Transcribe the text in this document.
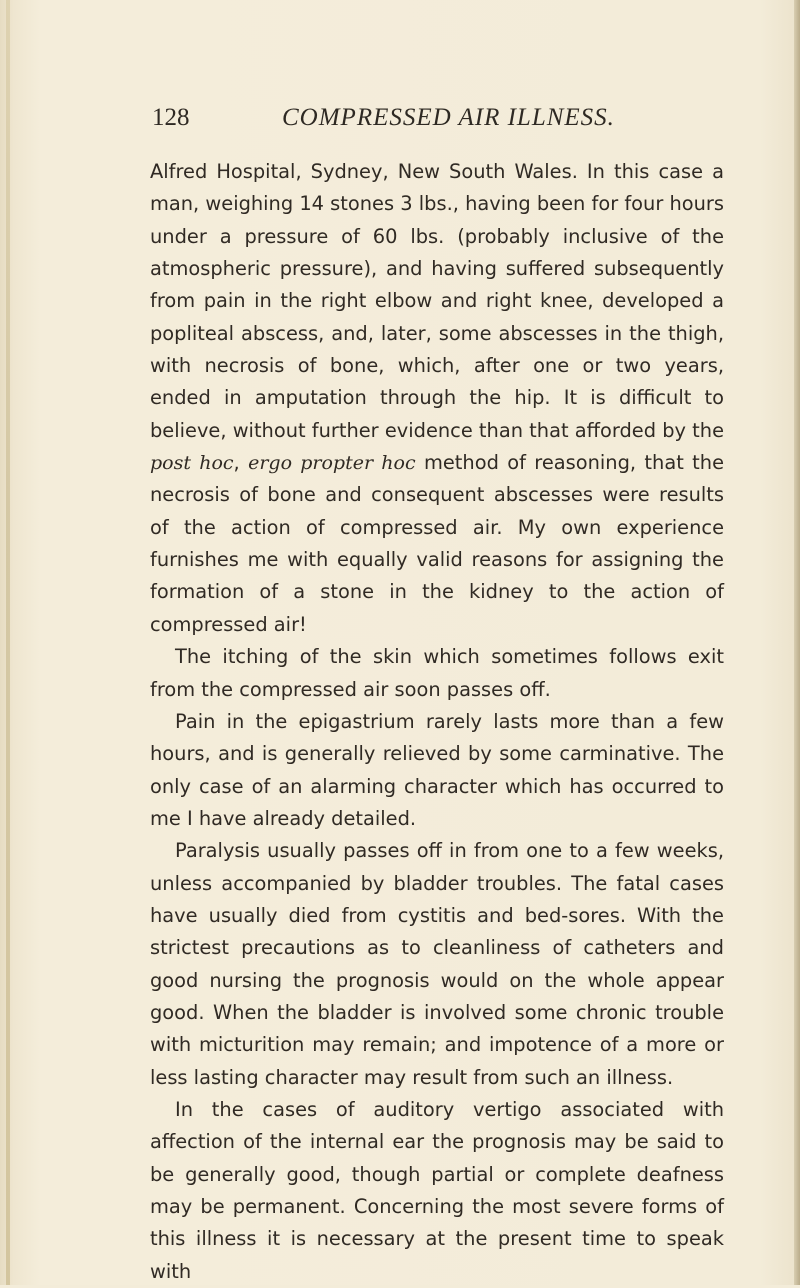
128	COMPRESSED AIR ILLNESS.

Alfred Hospital, Sydney, New South Wales. In this case a man, weighing 14 stones 3 lbs., having been for four hours under a pressure of 60 lbs. (probably inclusive of the atmospheric pressure), and having suffered subsequently from pain in the right elbow and right knee, developed a popliteal abscess, and, later, some abscesses in the thigh, with necrosis of bone, which, after one or two years, ended in amputation through the hip. It is difficult to believe, without further evidence than that afforded by the post hoc, ergo propter hoc method of reasoning, that the necrosis of bone and consequent abscesses were results of the action of compressed air. My own experience furnishes me with equally valid reasons for assigning the formation of a stone in the kidney to the action of compressed air!

The itching of the skin which sometimes follows exit from the compressed air soon passes off.

Pain in the epigastrium rarely lasts more than a few hours, and is generally relieved by some carminative. The only case of an alarming character which has occurred to me I have already detailed.

Paralysis usually passes off in from one to a few weeks, unless accompanied by bladder troubles. The fatal cases have usually died from cystitis and bed-sores. With the strictest precautions as to cleanliness of catheters and good nursing the prognosis would on the whole appear good. When the bladder is involved some chronic trouble with micturition may remain; and impotence of a more or less lasting character may result from such an illness.

In the cases of auditory vertigo associated with affection of the internal ear the prognosis may be said to be generally good, though partial or complete deafness may be permanent. Concerning the most severe forms of this illness it is necessary at the present time to speak with
